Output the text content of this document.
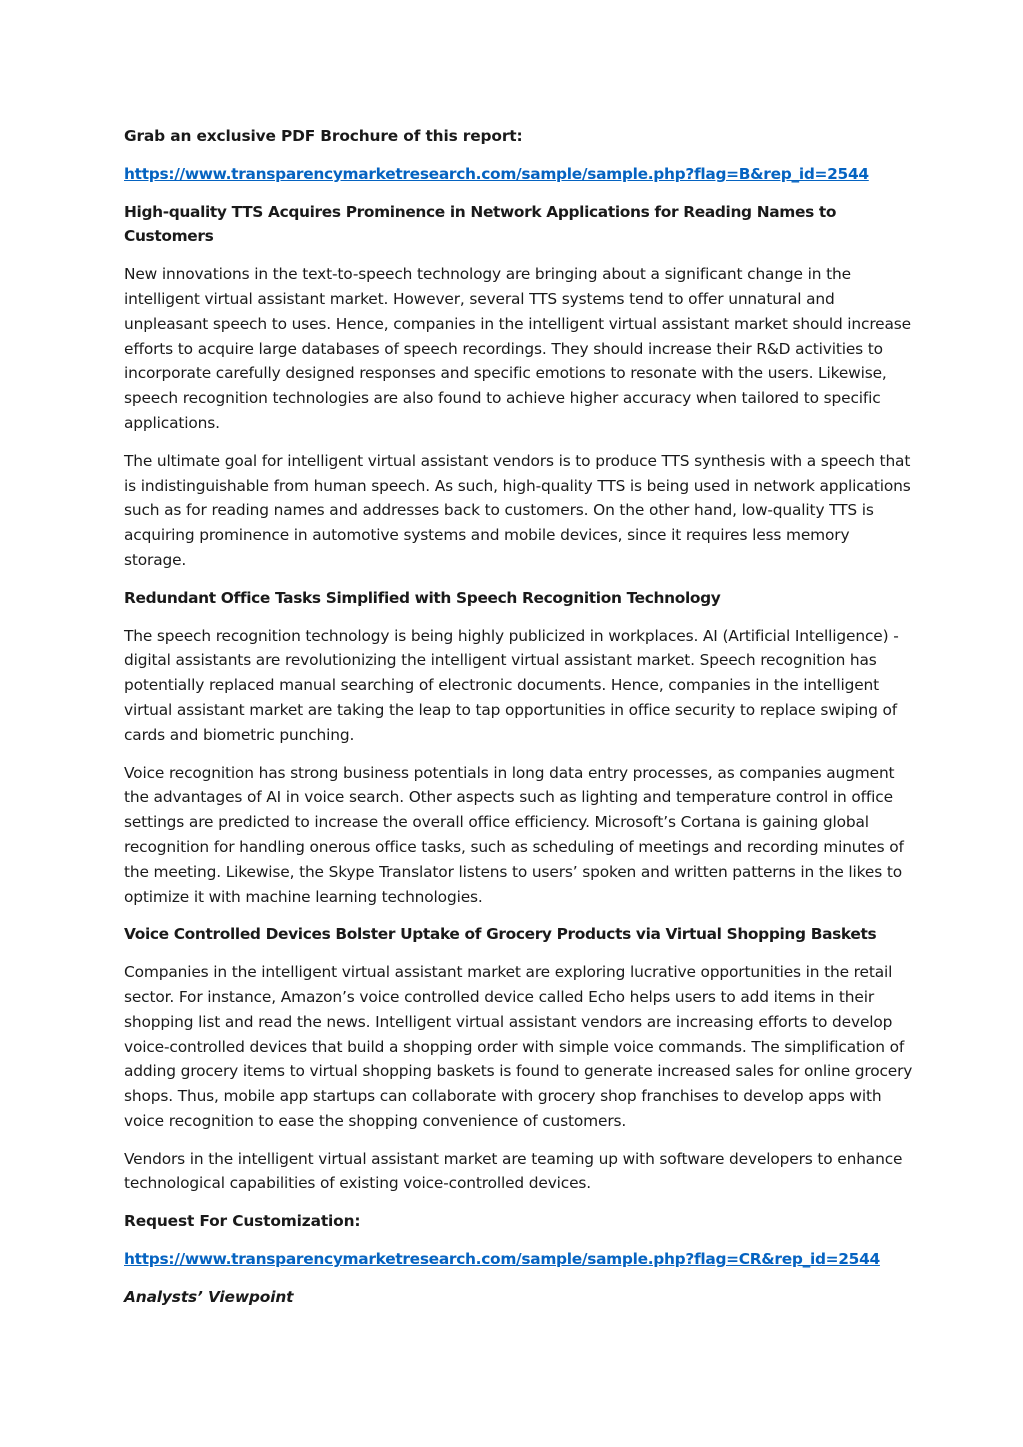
Grab an exclusive PDF Brochure of this report:

https://www.transparencymarketresearch.com/sample/sample.php?flag=B&rep_id=2544

High-quality TTS Acquires Prominence in Network Applications for Reading Names to Customers

New innovations in the text-to-speech technology are bringing about a significant change in the intelligent virtual assistant market. However, several TTS systems tend to offer unnatural and unpleasant speech to uses. Hence, companies in the intelligent virtual assistant market should increase efforts to acquire large databases of speech recordings. They should increase their R&D activities to incorporate carefully designed responses and specific emotions to resonate with the users. Likewise, speech recognition technologies are also found to achieve higher accuracy when tailored to specific applications.

The ultimate goal for intelligent virtual assistant vendors is to produce TTS synthesis with a speech that is indistinguishable from human speech. As such, high-quality TTS is being used in network applications such as for reading names and addresses back to customers. On the other hand, low-quality TTS is acquiring prominence in automotive systems and mobile devices, since it requires less memory storage.

Redundant Office Tasks Simplified with Speech Recognition Technology

The speech recognition technology is being highly publicized in workplaces. AI (Artificial Intelligence) - digital assistants are revolutionizing the intelligent virtual assistant market. Speech recognition has potentially replaced manual searching of electronic documents. Hence, companies in the intelligent virtual assistant market are taking the leap to tap opportunities in office security to replace swiping of cards and biometric punching.

Voice recognition has strong business potentials in long data entry processes, as companies augment the advantages of AI in voice search. Other aspects such as lighting and temperature control in office settings are predicted to increase the overall office efficiency. Microsoft’s Cortana is gaining global recognition for handling onerous office tasks, such as scheduling of meetings and recording minutes of the meeting. Likewise, the Skype Translator listens to users’ spoken and written patterns in the likes to optimize it with machine learning technologies.

Voice Controlled Devices Bolster Uptake of Grocery Products via Virtual Shopping Baskets

Companies in the intelligent virtual assistant market are exploring lucrative opportunities in the retail sector. For instance, Amazon’s voice controlled device called Echo helps users to add items in their shopping list and read the news. Intelligent virtual assistant vendors are increasing efforts to develop voice-controlled devices that build a shopping order with simple voice commands. The simplification of adding grocery items to virtual shopping baskets is found to generate increased sales for online grocery shops. Thus, mobile app startups can collaborate with grocery shop franchises to develop apps with voice recognition to ease the shopping convenience of customers.

Vendors in the intelligent virtual assistant market are teaming up with software developers to enhance technological capabilities of existing voice-controlled devices.

Request For Customization:

https://www.transparencymarketresearch.com/sample/sample.php?flag=CR&rep_id=2544

Analysts’ Viewpoint
